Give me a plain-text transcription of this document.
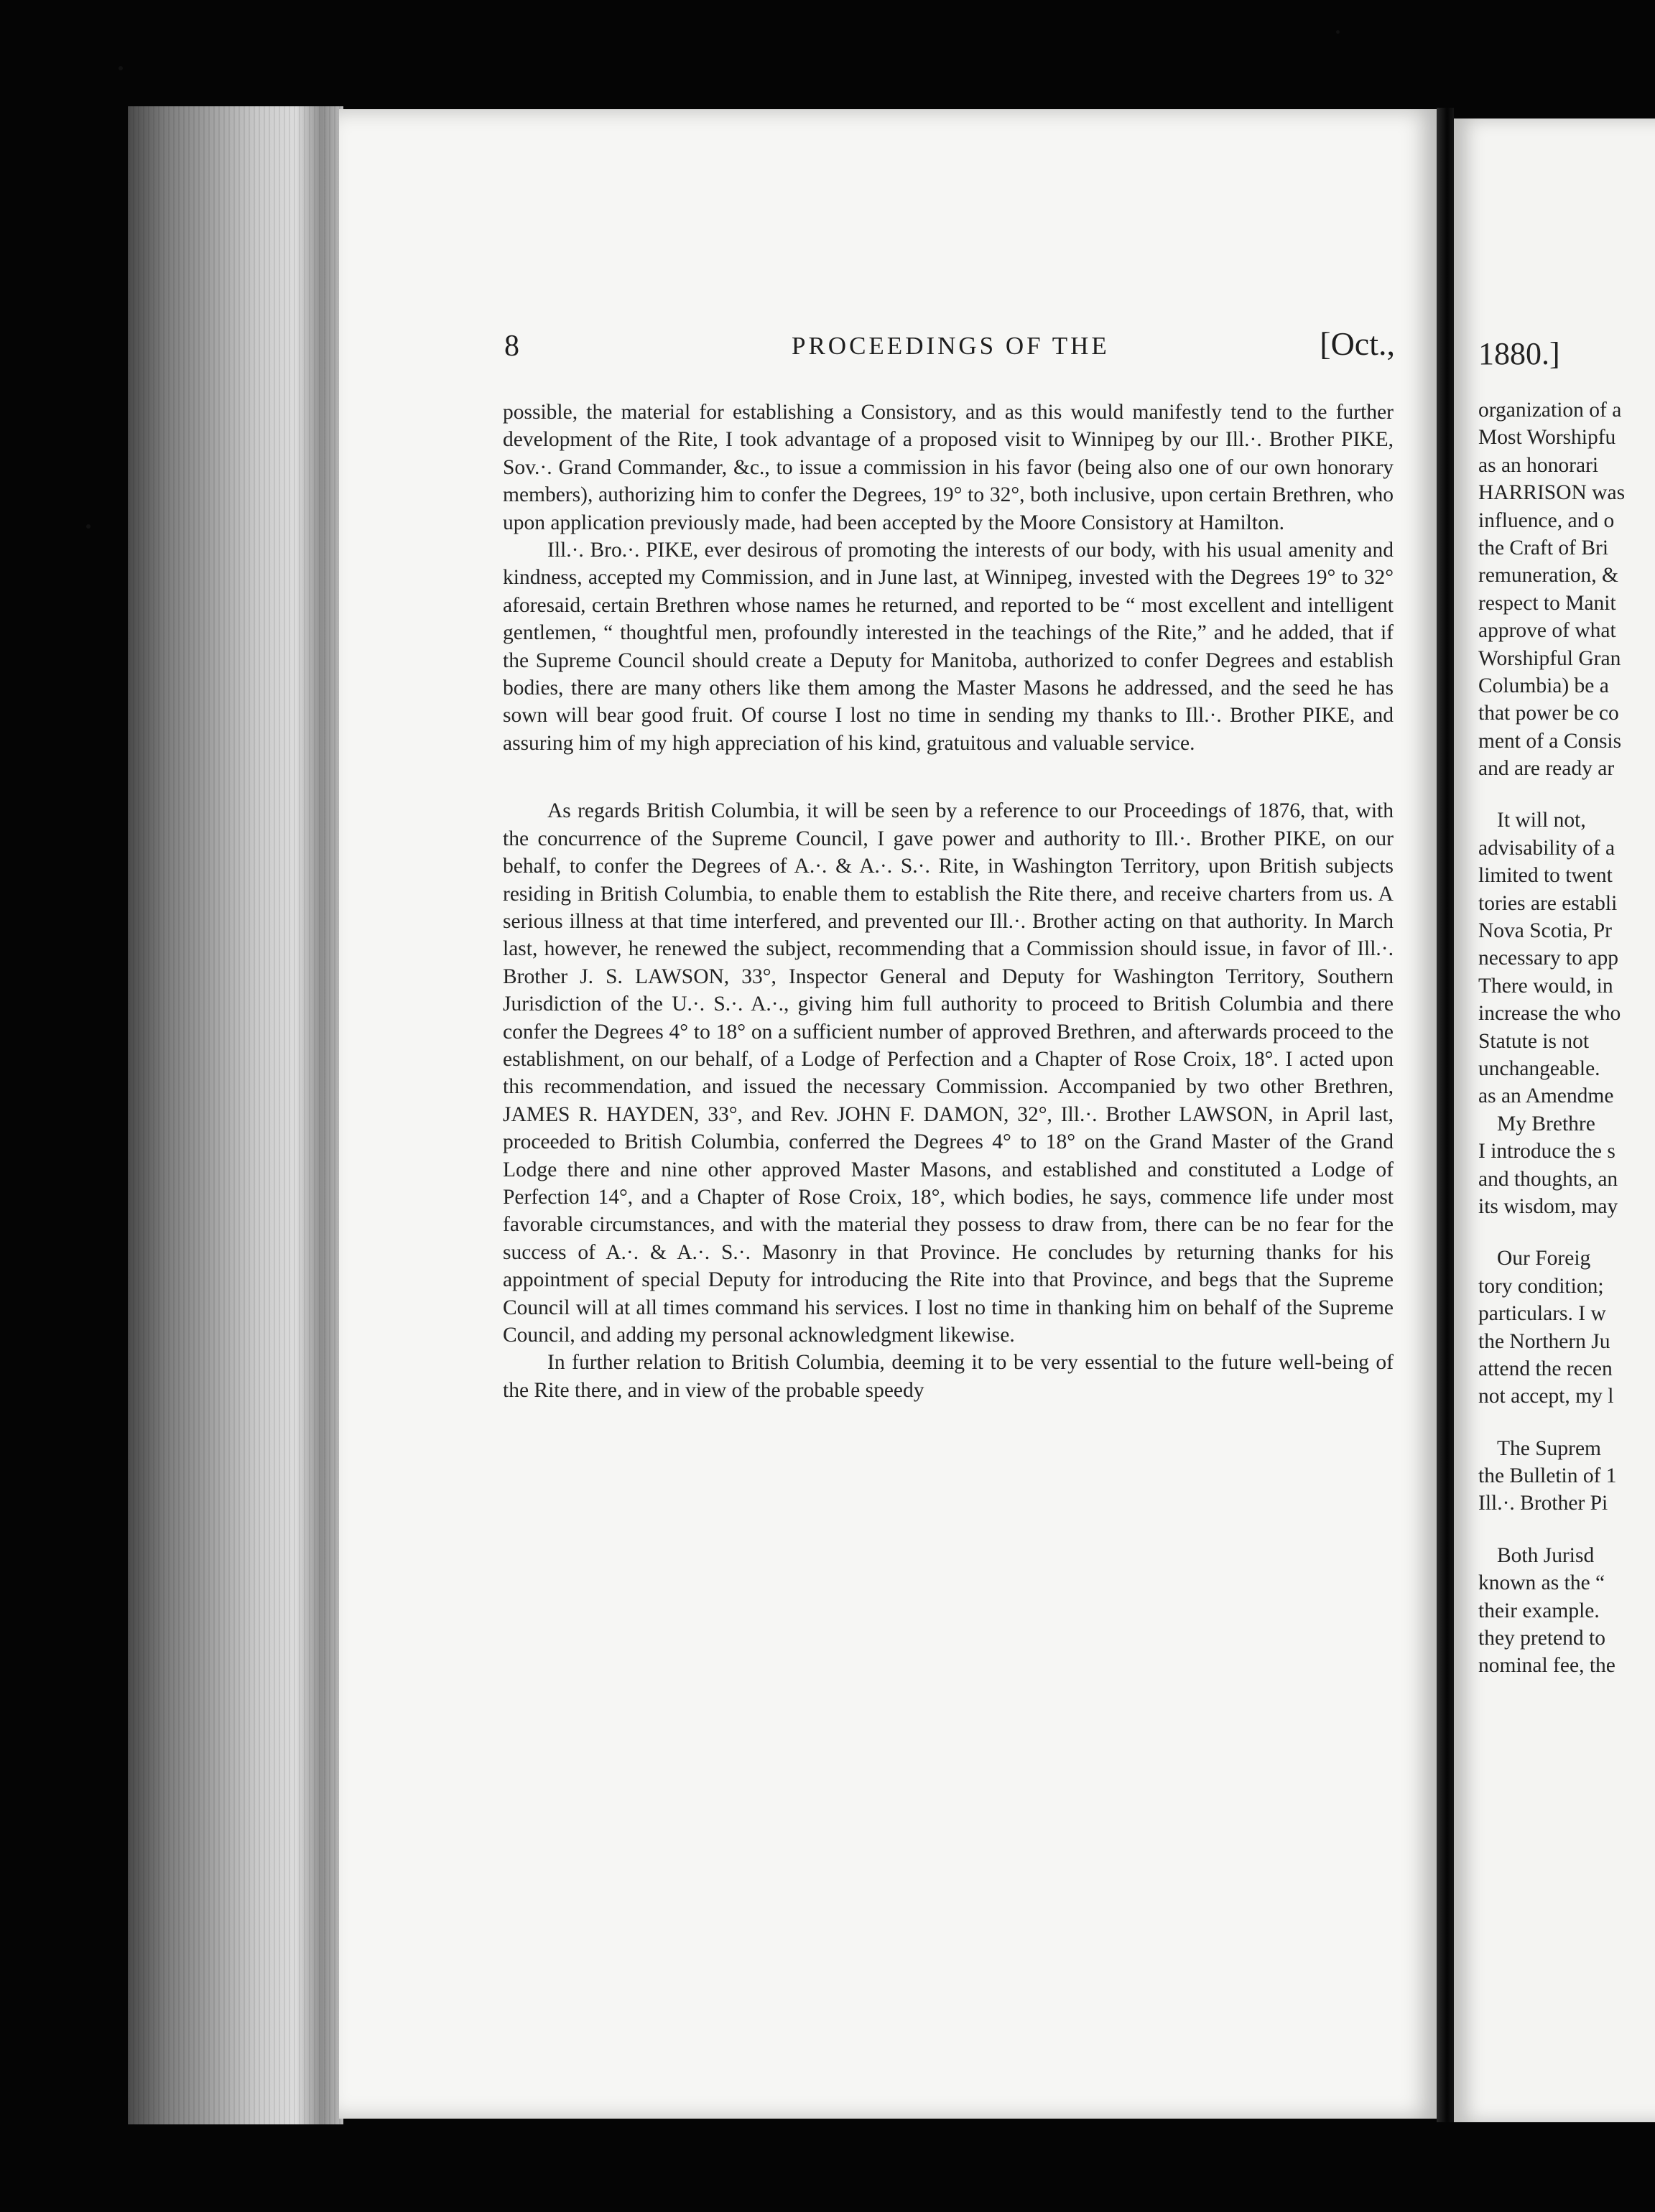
8	PROCEEDINGS OF THE	[Oct.,

possible, the material for establishing a Consistory, and as this would manifestly tend to the further development of the Rite, I took advantage of a proposed visit to Winnipeg by our Ill.·. Brother PIKE, Sov.·. Grand Commander, &c., to issue a commission in his favor (being also one of our own honorary members), authorizing him to confer the Degrees, 19° to 32°, both inclusive, upon certain Brethren, who upon application previously made, had been accepted by the Moore Consistory at Hamilton.

Ill.·. Bro.·. PIKE, ever desirous of promoting the interests of our body, with his usual amenity and kindness, accepted my Commission, and in June last, at Winnipeg, invested with the Degrees 19° to 32° aforesaid, certain Brethren whose names he returned, and reported to be “ most excellent and intelligent gentlemen, “ thoughtful men, profoundly interested in the teachings of the Rite,” and he added, that if the Supreme Council should create a Deputy for Manitoba, authorized to confer Degrees and establish bodies, there are many others like them among the Master Masons he addressed, and the seed he has sown will bear good fruit. Of course I lost no time in sending my thanks to Ill.·. Brother PIKE, and assuring him of my high appreciation of his kind, gratuitous and valuable service.

As regards British Columbia, it will be seen by a reference to our Proceedings of 1876, that, with the concurrence of the Supreme Council, I gave power and authority to Ill.·. Brother PIKE, on our behalf, to confer the Degrees of A.·. & A.·. S.·. Rite, in Washington Territory, upon British subjects residing in British Columbia, to enable them to establish the Rite there, and receive charters from us. A serious illness at that time interfered, and prevented our Ill.·. Brother acting on that authority. In March last, however, he renewed the subject, recommending that a Commission should issue, in favor of Ill.·. Brother J. S. LAWSON, 33°, Inspector General and Deputy for Washington Territory, Southern Jurisdiction of the U.·. S.·. A.·., giving him full authority to proceed to British Columbia and there confer the Degrees 4° to 18° on a sufficient number of approved Brethren, and afterwards proceed to the establishment, on our behalf, of a Lodge of Perfection and a Chapter of Rose Croix, 18°. I acted upon this recommendation, and issued the necessary Commission. Accompanied by two other Brethren, JAMES R. HAYDEN, 33°, and Rev. JOHN F. DAMON, 32°, Ill.·. Brother LAWSON, in April last, proceeded to British Columbia, conferred the Degrees 4° to 18° on the Grand Master of the Grand Lodge there and nine other approved Master Masons, and established and constituted a Lodge of Perfection 14°, and a Chapter of Rose Croix, 18°, which bodies, he says, commence life under most favorable circumstances, and with the material they possess to draw from, there can be no fear for the success of A.·. & A.·. S.·. Masonry in that Province. He concludes by returning thanks for his appointment of special Deputy for introducing the Rite into that Province, and begs that the Supreme Council will at all times command his services. I lost no time in thanking him on behalf of the Supreme Council, and adding my personal acknowledgment likewise.

In further relation to British Columbia, deeming it to be very essential to the future well-being of the Rite there, and in view of the probable speedy

1880.]
organization of a
Most Worshipfu
as an honorari
HARRISON was
influence, and o
the Craft of Bri
remuneration, &
respect to Manit
approve of what
Worshipful Gran
Columbia) be a
that power be co
ment of a Consis
and are ready ar
It will not,
advisability of a
limited to twent
tories are establi
Nova Scotia, Pr
necessary to app
There would, in
increase the who
Statute is not
unchangeable.
as an Amendme
My Brethre
I introduce the s
and thoughts, an
its wisdom, may
Our Foreig
tory condition;
particulars. I w
the Northern Ju
attend the recen
not accept, my l
The Suprem
the Bulletin of 1
Ill.·. Brother Pi
Both Jurisd
known as the “
their example.
they pretend to
nominal fee, the
